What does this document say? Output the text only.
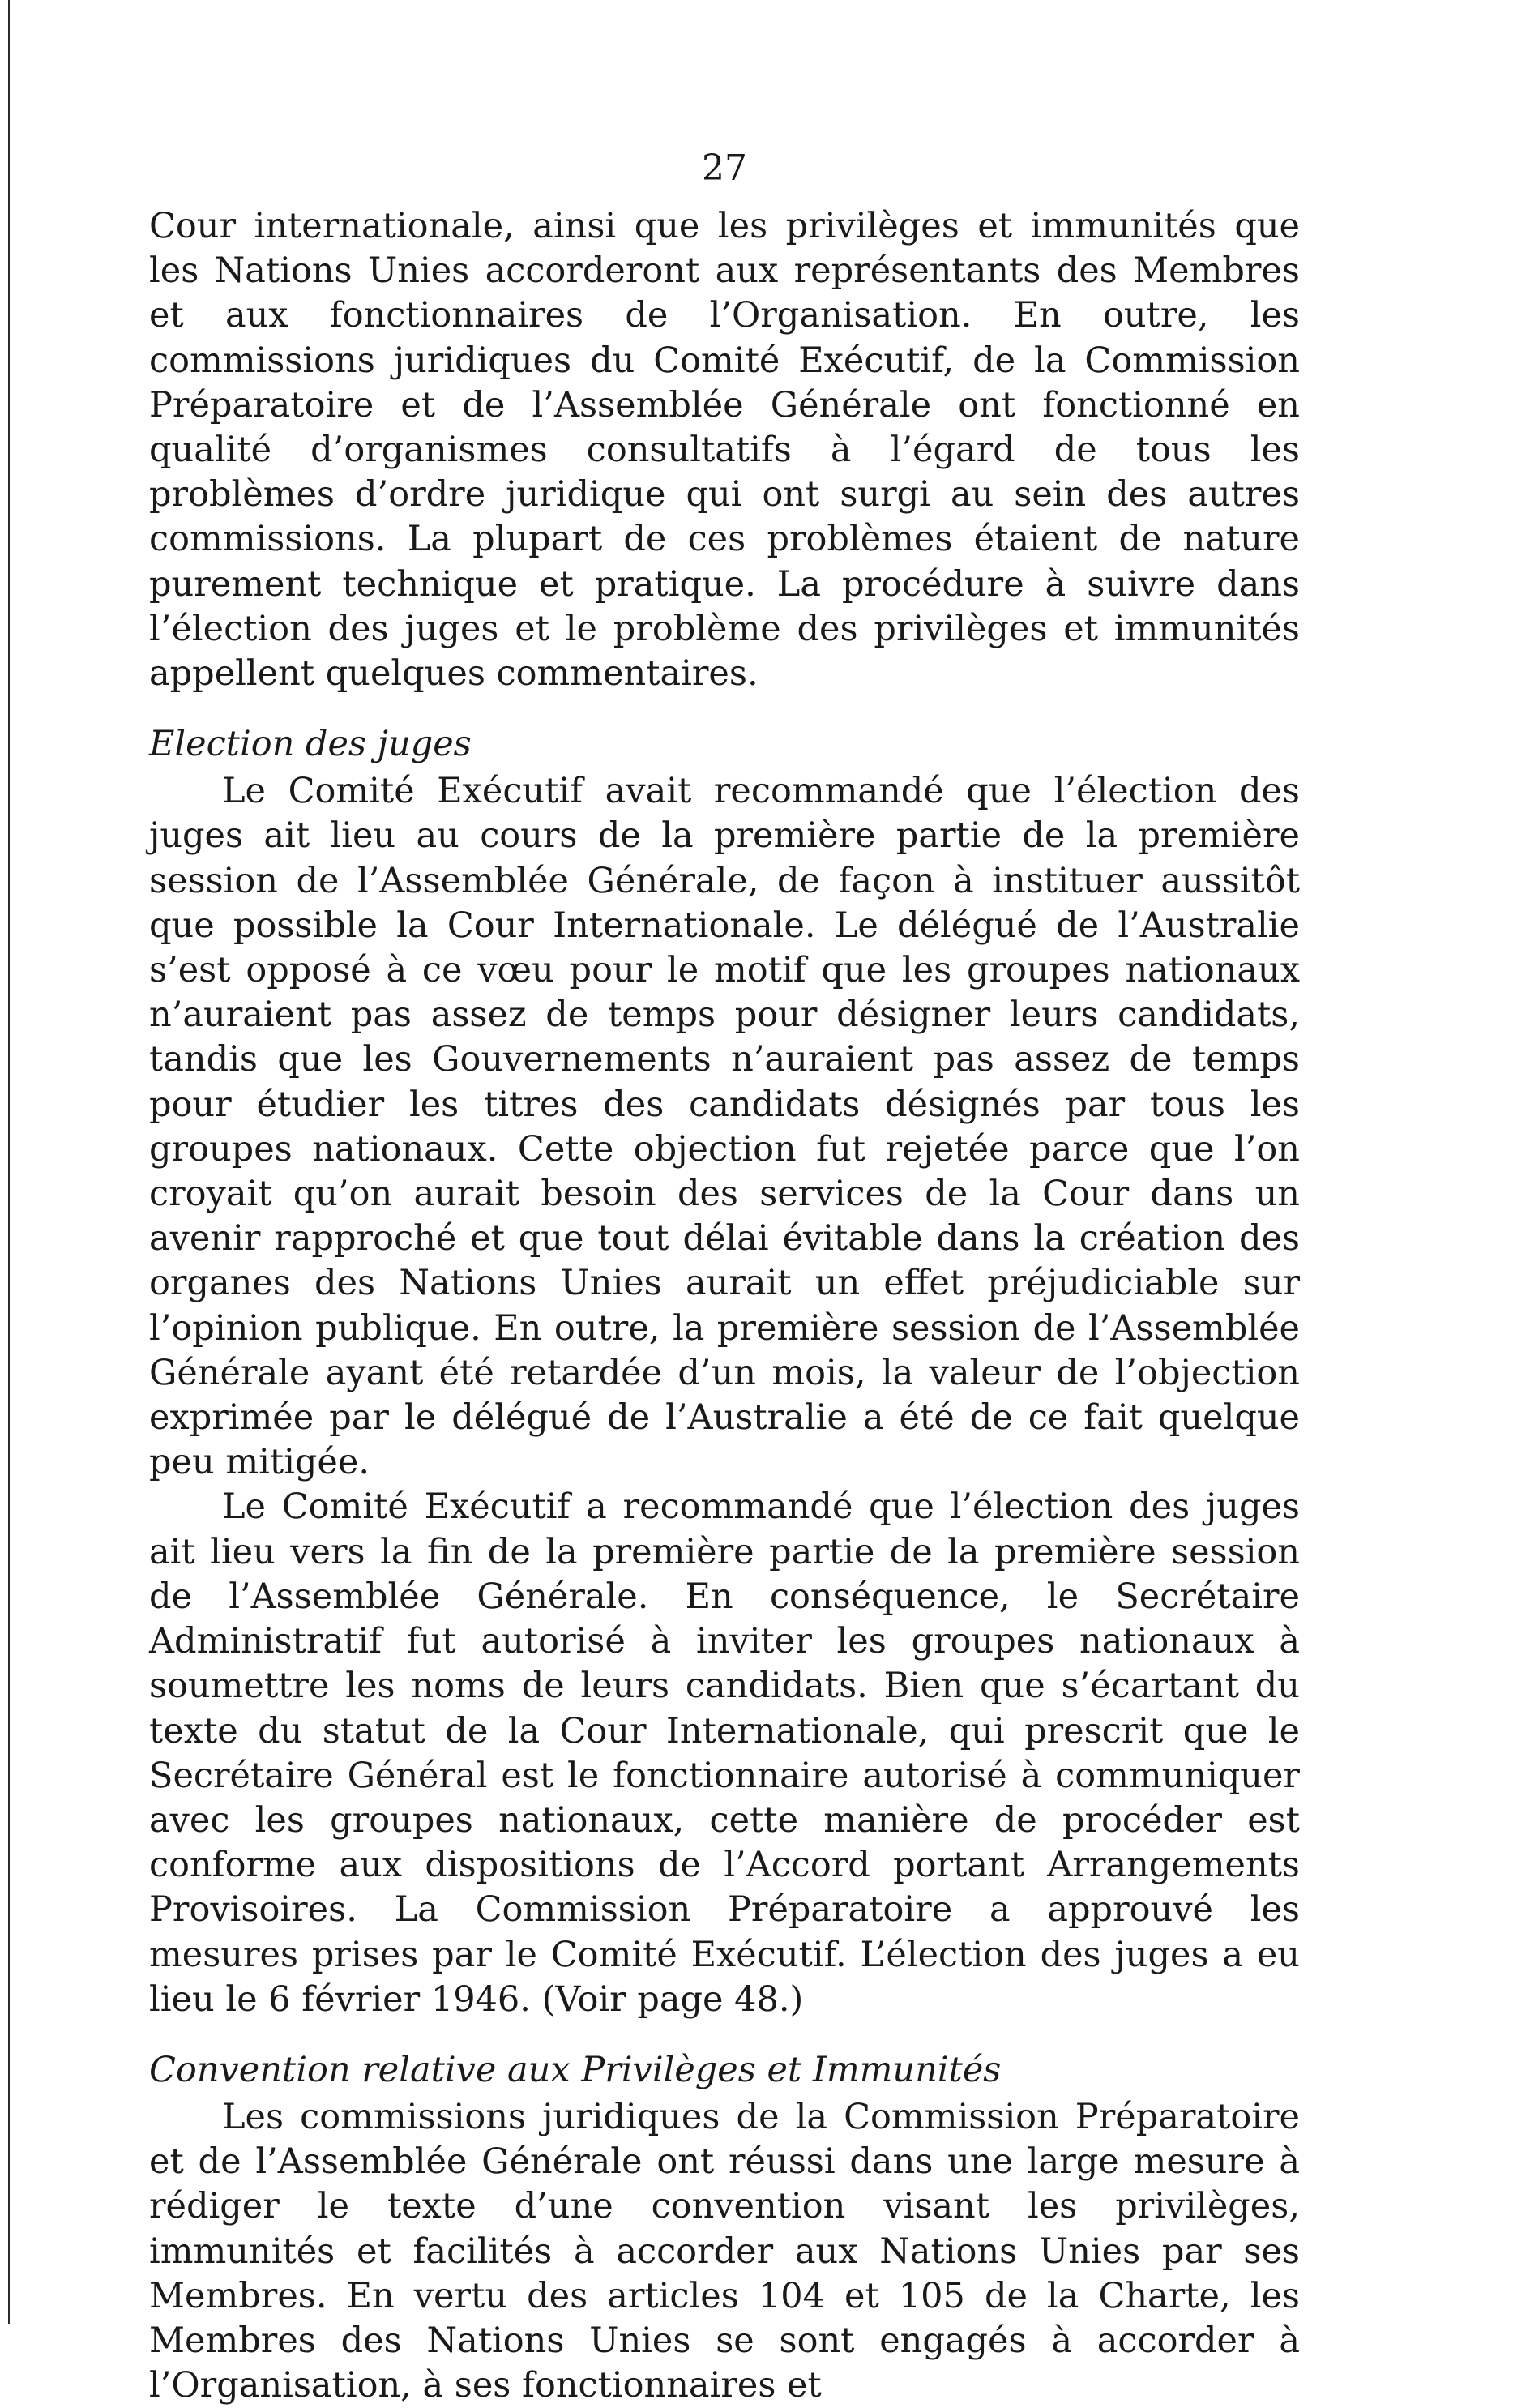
27

Cour internationale, ainsi que les privilèges et immunités que les Nations Unies accorderont aux représentants des Membres et aux fonctionnaires de l’Organisation. En outre, les commissions juridiques du Comité Exécutif, de la Commission Préparatoire et de l’Assemblée Générale ont fonctionné en qualité d’organismes consultatifs à l’égard de tous les problèmes d’ordre juridique qui ont surgi au sein des autres commissions. La plupart de ces problèmes étaient de nature purement technique et pratique. La procédure à suivre dans l’élection des juges et le problème des privilèges et immunités appellent quelques commentaires.

Election des juges

Le Comité Exécutif avait recommandé que l’élection des juges ait lieu au cours de la première partie de la première session de l’Assemblée Générale, de façon à instituer aussitôt que possible la Cour Internationale. Le délégué de l’Australie s’est opposé à ce vœu pour le motif que les groupes nationaux n’auraient pas assez de temps pour désigner leurs candidats, tandis que les Gouvernements n’auraient pas assez de temps pour étudier les titres des candidats désignés par tous les groupes nationaux. Cette objection fut rejetée parce que l’on croyait qu’on aurait besoin des services de la Cour dans un avenir rapproché et que tout délai évitable dans la création des organes des Nations Unies aurait un effet préjudiciable sur l’opinion publique. En outre, la première session de l’Assemblée Générale ayant été retardée d’un mois, la valeur de l’objection exprimée par le délégué de l’Australie a été de ce fait quelque peu mitigée.

Le Comité Exécutif a recommandé que l’élection des juges ait lieu vers la fin de la première partie de la première session de l’Assemblée Générale. En conséquence, le Secrétaire Administratif fut autorisé à inviter les groupes nationaux à soumettre les noms de leurs candidats. Bien que s’écartant du texte du statut de la Cour Internationale, qui prescrit que le Secrétaire Général est le fonctionnaire autorisé à communiquer avec les groupes nationaux, cette manière de procéder est conforme aux dispositions de l’Accord portant Arrangements Provisoires. La Commission Préparatoire a approuvé les mesures prises par le Comité Exécutif. L’élection des juges a eu lieu le 6 février 1946. (Voir page 48.)

Convention relative aux Privilèges et Immunités

Les commissions juridiques de la Commission Préparatoire et de l’Assemblée Générale ont réussi dans une large mesure à rédiger le texte d’une convention visant les privilèges, immunités et facilités à accorder aux Nations Unies par ses Membres. En vertu des articles 104 et 105 de la Charte, les Membres des Nations Unies se sont engagés à accorder à l’Organisation, à ses fonctionnaires et
